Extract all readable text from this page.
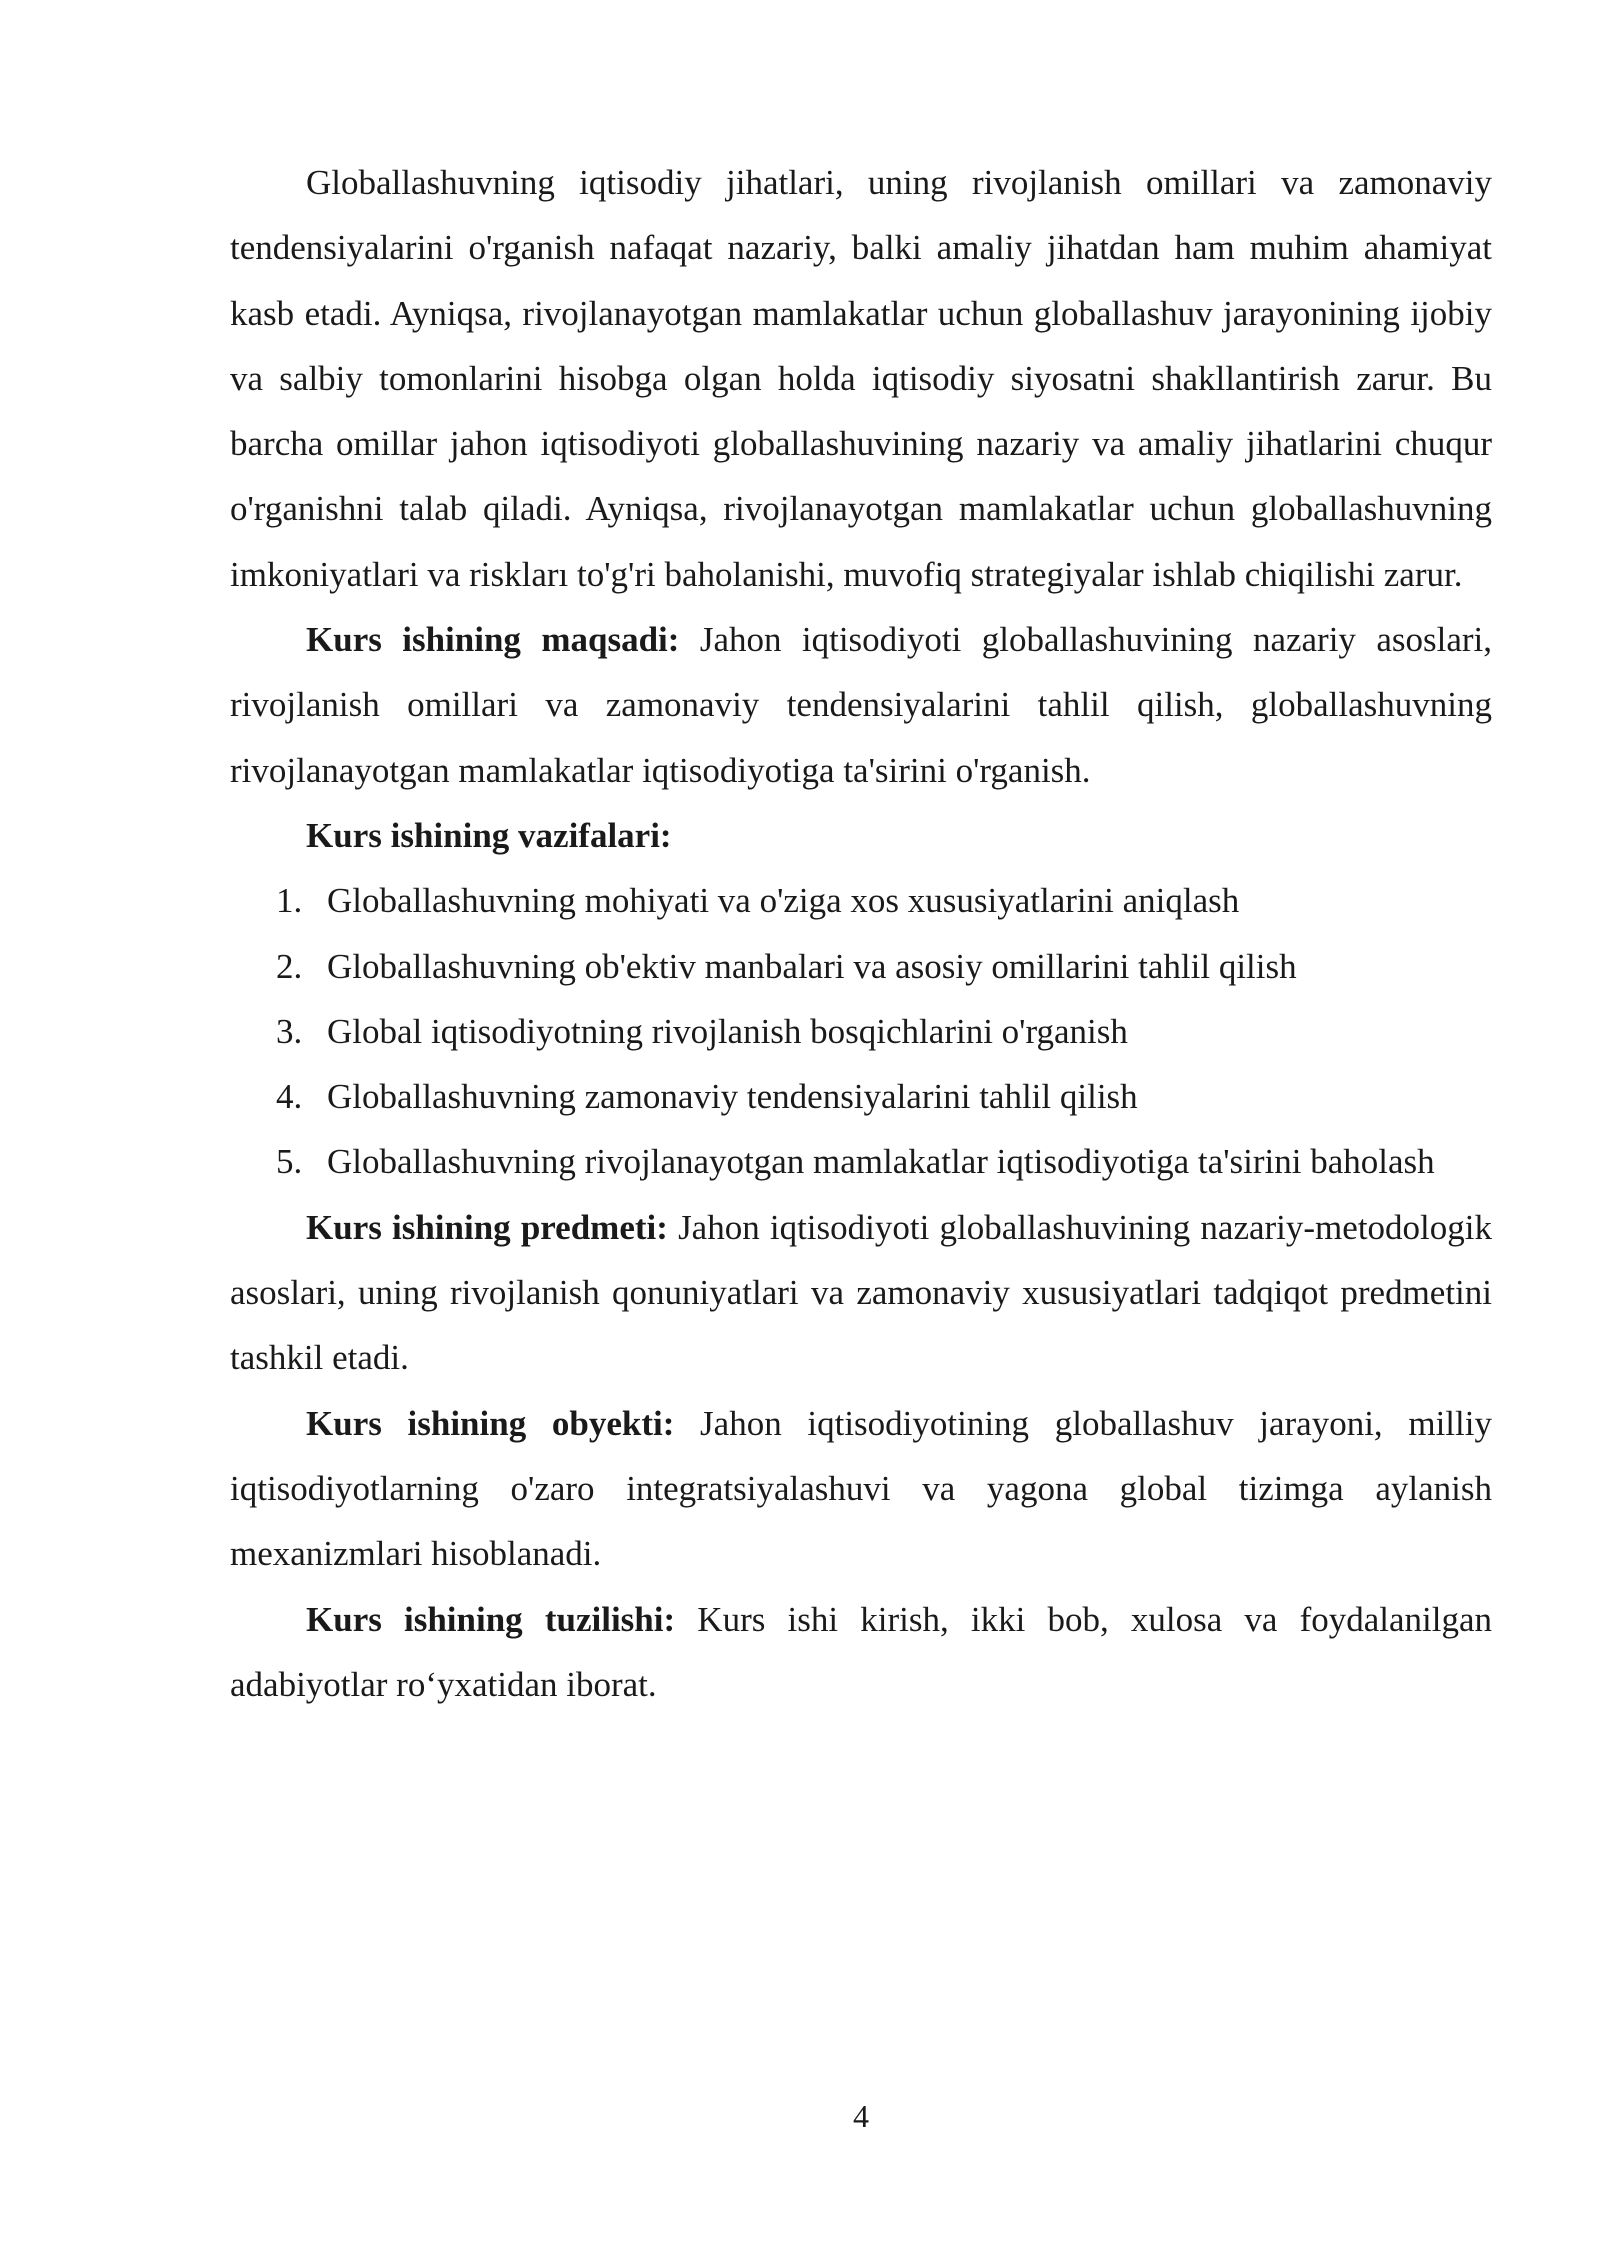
Globallashuvning iqtisodiy jihatlari, uning rivojlanish omillari va zamonaviy tendensiyalarini o'rganish nafaqat nazariy, balki amaliy jihatdan ham muhim ahamiyat kasb etadi. Ayniqsa, rivojlanayotgan mamlakatlar uchun globallashuv jarayonining ijobiy va salbiy tomonlarini hisobga olgan holda iqtisodiy siyosatni shakllantirish zarur. Bu barcha omillar jahon iqtisodiyoti globallashuvining nazariy va amaliy jihatlarini chuqur o'rganishni talab qiladi. Ayniqsa, rivojlanayotgan mamlakatlar uchun globallashuvning imkoniyatlari va riskları to'g'ri baholanishi, muvofiq strategiyalar ishlab chiqilishi zarur.

Kurs ishining maqsadi: Jahon iqtisodiyoti globallashuvining nazariy asoslari, rivojlanish omillari va zamonaviy tendensiyalarini tahlil qilish, globallashuvning rivojlanayotgan mamlakatlar iqtisodiyotiga ta'sirini o'rganish.

Kurs ishining vazifalari:
1. Globallashuvning mohiyati va o'ziga xos xususiyatlarini aniqlash
2. Globallashuvning ob'ektiv manbalari va asosiy omillarini tahlil qilish
3. Global iqtisodiyotning rivojlanish bosqichlarini o'rganish
4. Globallashuvning zamonaviy tendensiyalarini tahlil qilish
5. Globallashuvning rivojlanayotgan mamlakatlar iqtisodiyotiga ta'sirini baholash

Kurs ishining predmeti: Jahon iqtisodiyoti globallashuvining nazariy-metodologik asoslari, uning rivojlanish qonuniyatlari va zamonaviy xususiyatlari tadqiqot predmetini tashkil etadi.

Kurs ishining obyekti: Jahon iqtisodiyotining globallashuv jarayoni, milliy iqtisodiyotlarning o'zaro integratsiyalashuvi va yagona global tizimga aylanish mexanizmlari hisoblanadi.

Kurs ishining tuzilishi: Kurs ishi kirish, ikki bob, xulosa va foydalanilgan adabiyotlar ro‘yxatidan iborat.

4
